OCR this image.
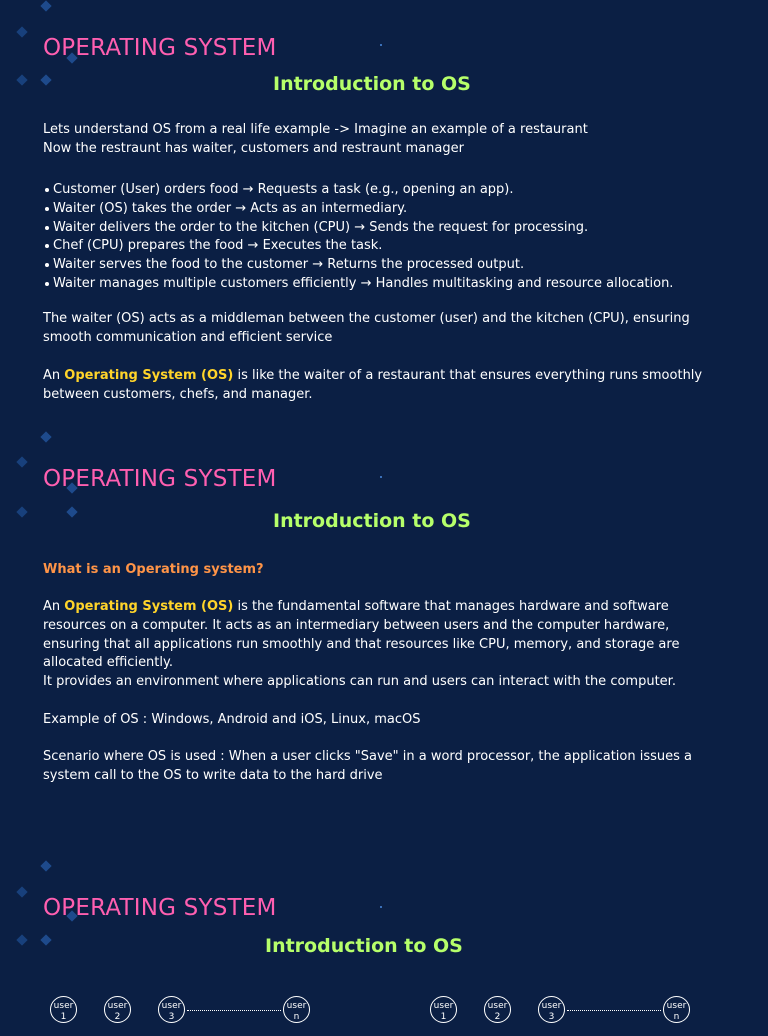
OPERATING SYSTEM
Introduction to OS

Lets understand OS from a real life example -> Imagine an example of a restaurant

Now the restraunt has waiter, customers and restraunt manager

Customer (User) orders food → Requests a task (e.g., opening an app).
Waiter (OS) takes the order → Acts as an intermediary.
Waiter delivers the order to the kitchen (CPU) → Sends the request for processing.
Chef (CPU) prepares the food → Executes the task.
Waiter serves the food to the customer → Returns the processed output.
Waiter manages multiple customers efficiently → Handles multitasking and resource allocation.

The waiter (OS) acts as a middleman between the customer (user) and the kitchen (CPU), ensuring smooth communication and efficient service

An Operating System (OS) is like the waiter of a restaurant that ensures everything runs smoothly between customers, chefs, and manager.

OPERATING SYSTEM
Introduction to OS

What is an Operating system?

An Operating System (OS) is the fundamental software that manages hardware and software resources on a computer. It acts as an intermediary between users and the computer hardware, ensuring that all applications run smoothly and that resources like CPU, memory, and storage are allocated efficiently.

It provides an environment where applications can run and users can interact with the computer.

Example of OS : Windows, Android and iOS, Linux, macOS

Scenario where OS is used : When a user clicks "Save" in a word processor, the application issues a system call to the OS to write data to the hard drive

OPERATING SYSTEM
Introduction to OS
user
1
user
2
user
3
user
n
user
1
user
2
user
3
user
n
